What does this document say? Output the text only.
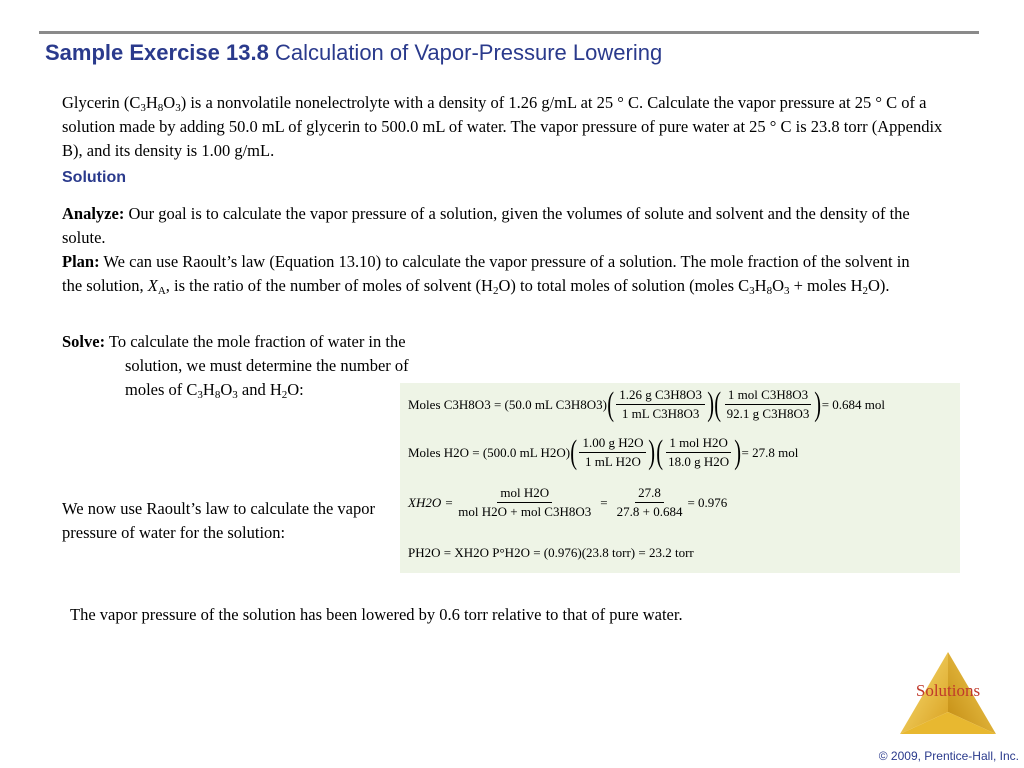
Sample Exercise 13.8 Calculation of Vapor-Pressure Lowering
Glycerin $(C_3H_8O_3)$ is a nonvolatile nonelectrolyte with a density of 1.26 g/mL at 25 ° C. Calculate the vapor pressure at 25 ° C of a solution made by adding 50.0 mL of glycerin to 500.0 mL of water. The vapor pressure of pure water at 25 ° C is 23.8 torr (Appendix B), and its density is 1.00 g/mL.
Solution
Analyze: Our goal is to calculate the vapor pressure of a solution, given the volumes of solute and solvent and the density of the solute.
Plan: We can use Raoult’s law (Equation 13.10) to calculate the vapor pressure of a solution. The mole fraction of the solvent in the solution, $X_A$, is the ratio of the number of moles of solvent $(H_2O)$ to total moles of solution (moles $C_3H_8O_3$ + moles $H_2O$).
Solve: To calculate the mole fraction of water in the
solution, we must determine the number of
moles of $C_3H_8O_3$ and $H_2O$:
Moles C3H8O3 = (50.0 mL C3H8O3) ( $\frac{\text{1.26 g C3H8O3}}{\text{1 mL C3H8O3}}$ ) ( $\frac{\text{1 mol C3H8O3}}{\text{92.1 g C3H8O3}}$ ) = 0.684 mol
Moles H2O = (500.0 mL H2O) ( $\frac{\text{1.00 g H2O}}{\text{1 mL H2O}}$ ) ( $\frac{\text{1 mol H2O}}{\text{18.0 g H2O}}$ ) = 27.8 mol
$XH2O = \frac{\text{mol H2O}}{\text{mol H2O + mol C3H8O3}} = \frac{27.8}{27.8 + 0.684} = 0.976$
PH2O = XH2O P°H2O = (0.976)(23.8 torr) = 23.2 torr
We now use Raoult’s law to calculate the vapor pressure of water for the solution:
The vapor pressure of the solution has been lowered by 0.6 torr relative to that of pure water.
Solutions
© 2009, Prentice-Hall, Inc.
